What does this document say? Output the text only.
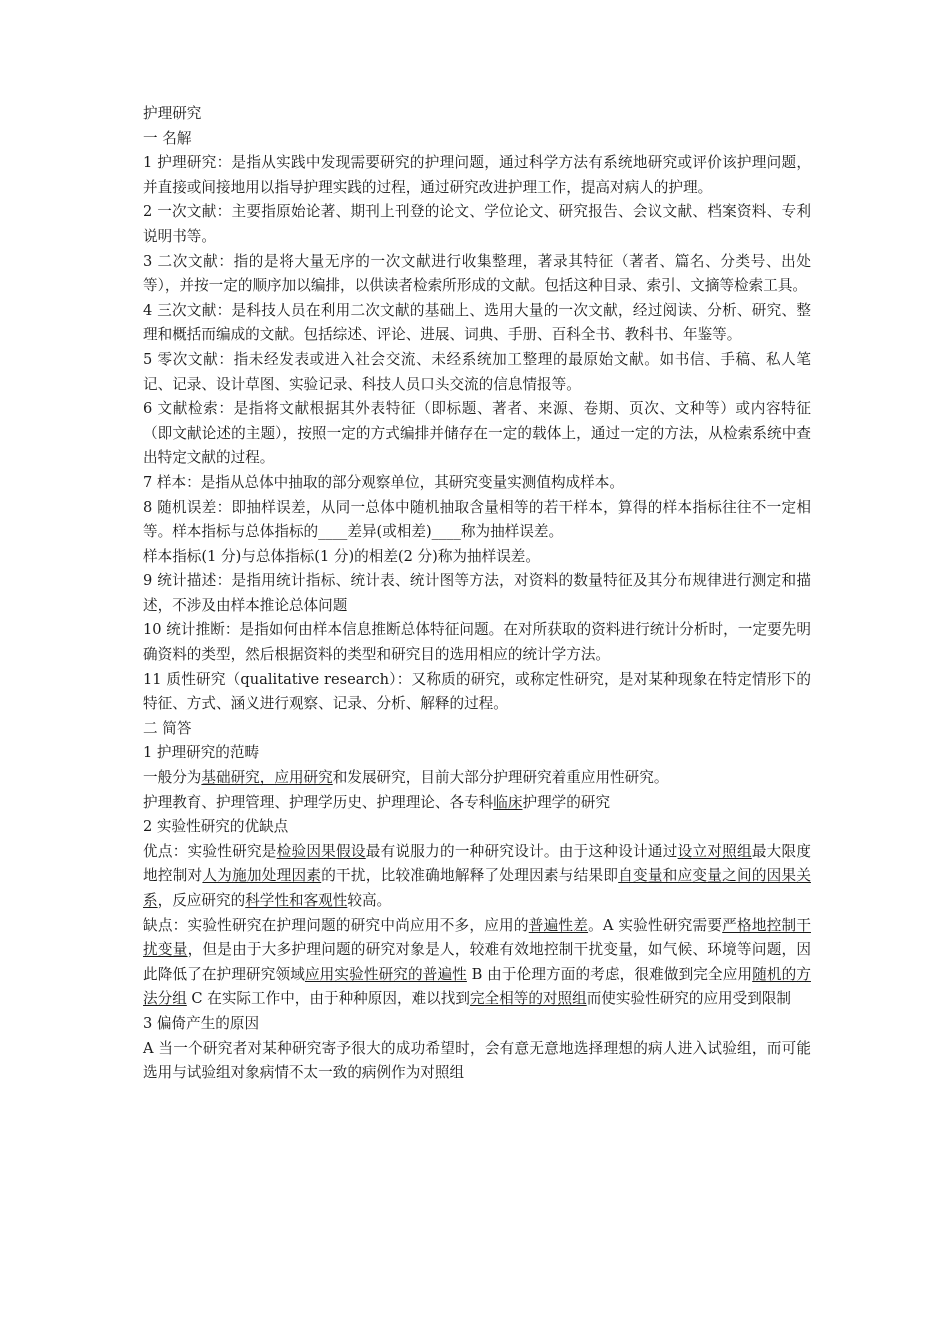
护理研究

一 名解

1 护理研究：是指从实践中发现需要研究的护理问题，通过科学方法有系统地研究或评价该护理问题，并直接或间接地用以指导护理实践的过程，通过研究改进护理工作，提高对病人的护理。

2 一次文献：主要指原始论著、期刊上刊登的论文、学位论文、研究报告、会议文献、档案资料、专利说明书等。

3 二次文献：指的是将大量无序的一次文献进行收集整理，著录其特征（著者、篇名、分类号、出处等），并按一定的顺序加以编排，以供读者检索所形成的文献。包括这种目录、索引、文摘等检索工具。

4 三次文献：是科技人员在利用二次文献的基础上、选用大量的一次文献，经过阅读、分析、研究、整理和概括而编成的文献。包括综述、评论、进展、词典、手册、百科全书、教科书、年鉴等。

5 零次文献：指未经发表或进入社会交流、未经系统加工整理的最原始文献。如书信、手稿、私人笔记、记录、设计草图、实验记录、科技人员口头交流的信息情报等。

6 文献检索：是指将文献根据其外表特征（即标题、著者、来源、卷期、页次、文种等）或内容特征（即文献论述的主题），按照一定的方式编排并储存在一定的载体上，通过一定的方法，从检索系统中查出特定文献的过程。

7 样本：是指从总体中抽取的部分观察单位，其研究变量实测值构成样本。

8 随机误差：即抽样误差，从同一总体中随机抽取含量相等的若干样本，算得的样本指标往往不一定相等。样本指标与总体指标的____差异(或相差)____称为抽样误差。

样本指标(1 分)与总体指标(1 分)的相差(2 分)称为抽样误差。

9 统计描述：是指用统计指标、统计表、统计图等方法，对资料的数量特征及其分布规律进行测定和描述，不涉及由样本推论总体问题

10 统计推断：是指如何由样本信息推断总体特征问题。在对所获取的资料进行统计分析时，一定要先明确资料的类型，然后根据资料的类型和研究目的选用相应的统计学方法。

11 质性研究（qualitative research）：又称质的研究，或称定性研究，是对某种现象在特定情形下的特征、方式、涵义进行观察、记录、分析、解释的过程。

二 简答

1 护理研究的范畴

一般分为基础研究，应用研究和发展研究，目前大部分护理研究着重应用性研究。

护理教育、护理管理、护理学历史、护理理论、各专科临床护理学的研究

2 实验性研究的优缺点

优点：实验性研究是检验因果假设最有说服力的一种研究设计。由于这种设计通过设立对照组最大限度地控制对人为施加处理因素的干扰，比较准确地解释了处理因素与结果即自变量和应变量之间的因果关系，反应研究的科学性和客观性较高。

缺点：实验性研究在护理问题的研究中尚应用不多，应用的普遍性差。A 实验性研究需要严格地控制干扰变量，但是由于大多护理问题的研究对象是人，较难有效地控制干扰变量，如气候、环境等问题，因此降低了在护理研究领域应用实验性研究的普遍性 B 由于伦理方面的考虑，很难做到完全应用随机的方法分组 C 在实际工作中，由于种种原因，难以找到完全相等的对照组而使实验性研究的应用受到限制

3 偏倚产生的原因

A 当一个研究者对某种研究寄予很大的成功希望时，会有意无意地选择理想的病人进入试验组，而可能选用与试验组对象病情不太一致的病例作为对照组
